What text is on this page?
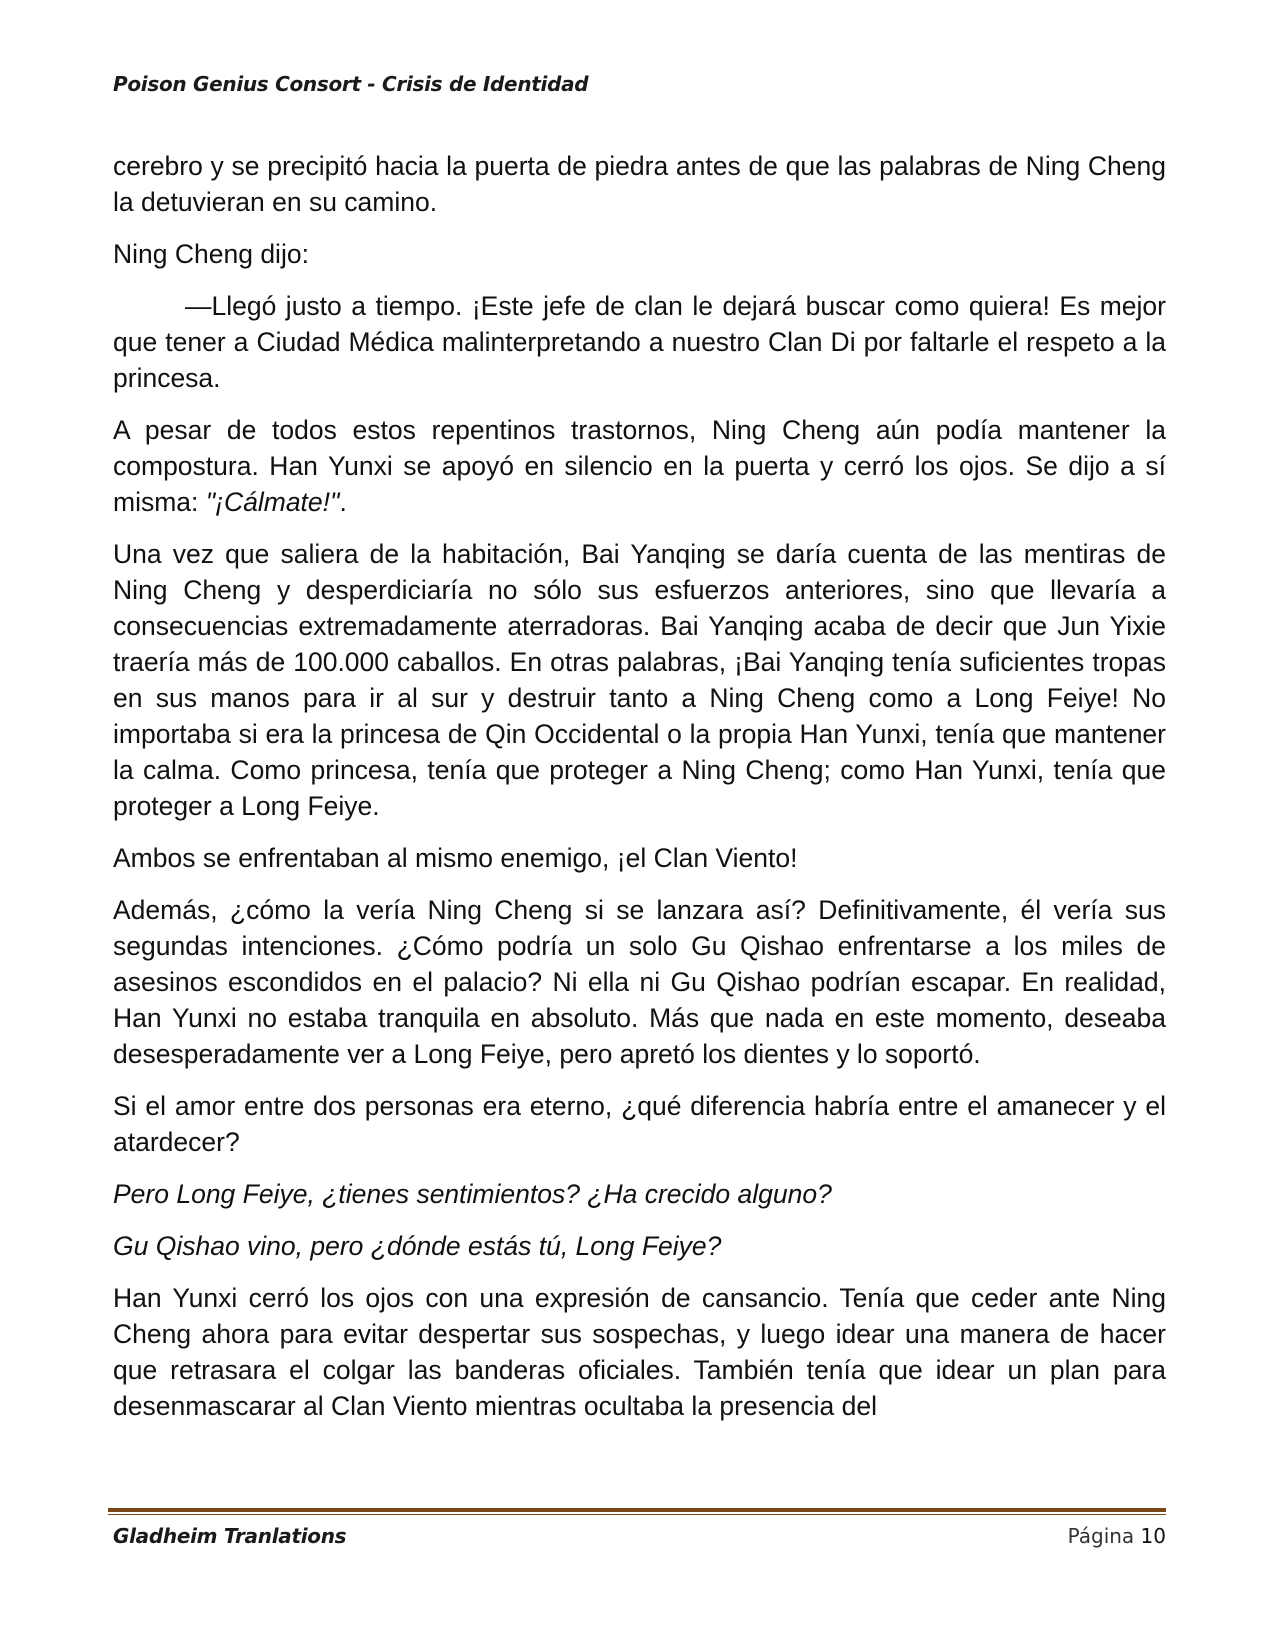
Poison Genius Consort - Crisis de Identidad

cerebro y se precipitó hacia la puerta de piedra antes de que las palabras de Ning Cheng la detuvieran en su camino.

Ning Cheng dijo:

—Llegó justo a tiempo. ¡Este jefe de clan le dejará buscar como quiera! Es mejor que tener a Ciudad Médica malinterpretando a nuestro Clan Di por faltarle el respeto a la princesa.

A pesar de todos estos repentinos trastornos, Ning Cheng aún podía mantener la compostura. Han Yunxi se apoyó en silencio en la puerta y cerró los ojos. Se dijo a sí misma: "¡Cálmate!".

Una vez que saliera de la habitación, Bai Yanqing se daría cuenta de las mentiras de Ning Cheng y desperdiciaría no sólo sus esfuerzos anteriores, sino que llevaría a consecuencias extremadamente aterradoras. Bai Yanqing acaba de decir que Jun Yixie traería más de 100.000 caballos. En otras palabras, ¡Bai Yanqing tenía suficientes tropas en sus manos para ir al sur y destruir tanto a Ning Cheng como a Long Feiye! No importaba si era la princesa de Qin Occidental o la propia Han Yunxi, tenía que mantener la calma. Como princesa, tenía que proteger a Ning Cheng; como Han Yunxi, tenía que proteger a Long Feiye.

Ambos se enfrentaban al mismo enemigo, ¡el Clan Viento!

Además, ¿cómo la vería Ning Cheng si se lanzara así? Definitivamente, él vería sus segundas intenciones. ¿Cómo podría un solo Gu Qishao enfrentarse a los miles de asesinos escondidos en el palacio? Ni ella ni Gu Qishao podrían escapar. En realidad, Han Yunxi no estaba tranquila en absoluto. Más que nada en este momento, deseaba desesperadamente ver a Long Feiye, pero apretó los dientes y lo soportó.

Si el amor entre dos personas era eterno, ¿qué diferencia habría entre el amanecer y el atardecer?

Pero Long Feiye, ¿tienes sentimientos? ¿Ha crecido alguno?

Gu Qishao vino, pero ¿dónde estás tú, Long Feiye?

Han Yunxi cerró los ojos con una expresión de cansancio. Tenía que ceder ante Ning Cheng ahora para evitar despertar sus sospechas, y luego idear una manera de hacer que retrasara el colgar las banderas oficiales. También tenía que idear un plan para desenmascarar al Clan Viento mientras ocultaba la presencia del

Gladheim Tranlations	Página 10
